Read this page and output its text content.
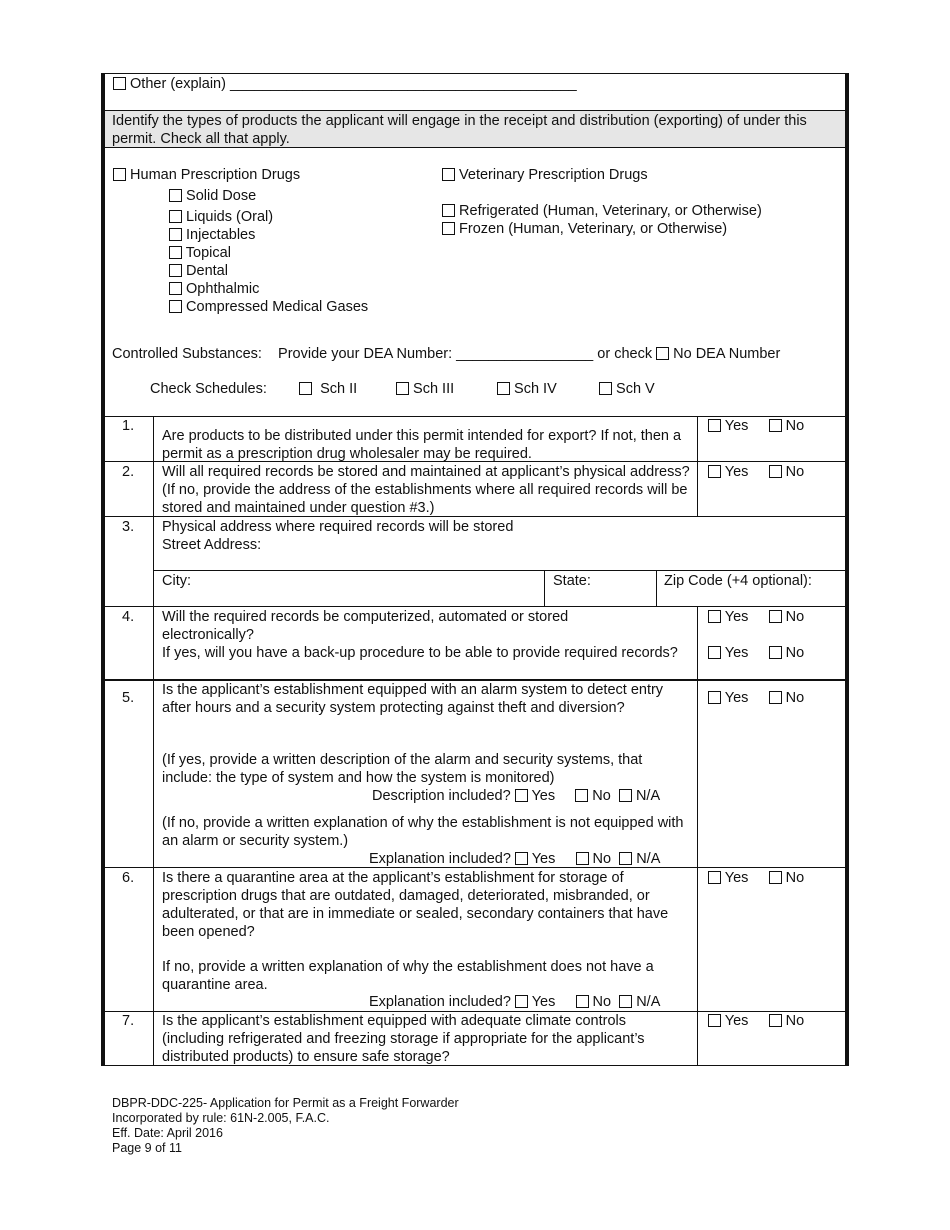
Other (explain) ___________________________________________
Identify the types of products the applicant will engage in the receipt and distribution (exporting) of under this permit. Check all that apply.
Human Prescription Drugs
Solid Dose
Liquids (Oral)
Injectables
Topical
Dental
Ophthalmic
Compressed Medical Gases
Veterinary Prescription Drugs
Refrigerated (Human, Veterinary, or Otherwise)
Frozen (Human, Veterinary, or Otherwise)
Controlled Substances: Provide your DEA Number: _________________ or check No DEA Number
Check Schedules:	Sch II	Sch III	Sch IV	Sch V
1.
Are products to be distributed under this permit intended for export? If not, then a permit as a prescription drug wholesaler may be required.
Yes	No
2. Will all required records be stored and maintained at applicant’s physical address? (If no, provide the address of the establishments where all required records will be stored and maintained under question #3.)
Yes	No
3. Physical address where required records will be stored
Street Address:
City:	State:	Zip Code (+4 optional):
4. Will the required records be computerized, automated or stored electronically?
If yes, will you have a back-up procedure to be able to provide required records?
Yes	No
Yes	No
5. Is the applicant’s establishment equipped with an alarm system to detect entry after hours and a security system protecting against theft and diversion?
(If yes, provide a written description of the alarm and security systems, that include: the type of system and how the system is monitored)
Description included? Yes	No N/A
(If no, provide a written explanation of why the establishment is not equipped with an alarm or security system.)
Explanation included? Yes	No N/A
Yes	No
6. Is there a quarantine area at the applicant’s establishment for storage of prescription drugs that are outdated, damaged, deteriorated, misbranded, or adulterated, or that are in immediate or sealed, secondary containers that have been opened?
If no, provide a written explanation of why the establishment does not have a quarantine area.
Explanation included? Yes	No N/A
Yes	No
7. Is the applicant’s establishment equipped with adequate climate controls (including refrigerated and freezing storage if appropriate for the applicant’s distributed products) to ensure safe storage?
Yes	No
DBPR-DDC-225- Application for Permit as a Freight Forwarder
Incorporated by rule: 61N-2.005, F.A.C.
Eff. Date: April 2016
Page 9 of 11
